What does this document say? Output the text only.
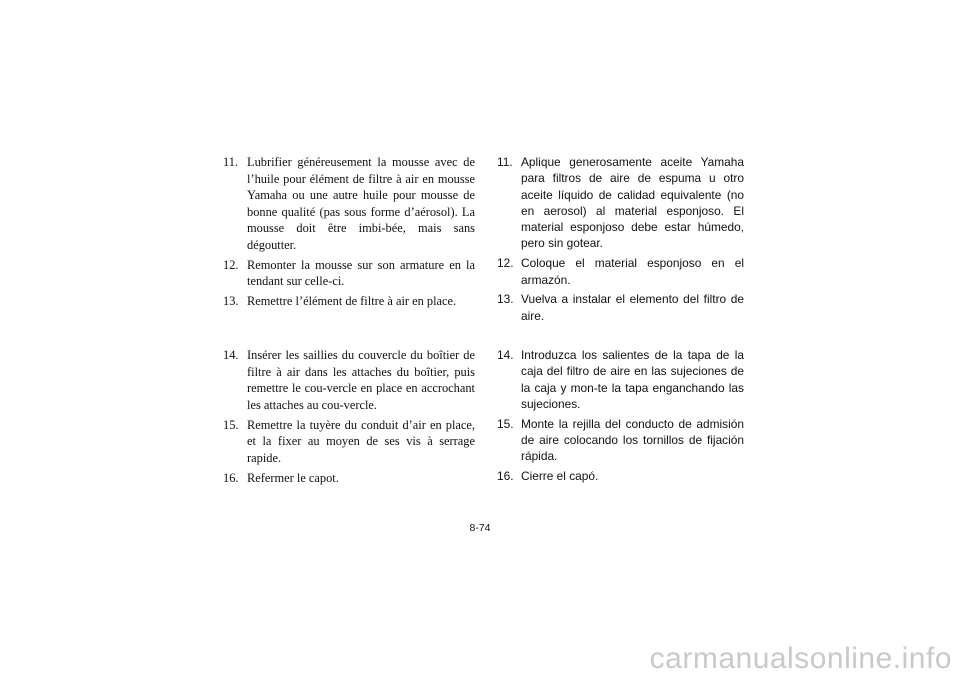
11. Lubrifier généreusement la mousse avec de l’huile pour élément de filtre à air en mousse Yamaha ou une autre huile pour mousse de bonne qualité (pas sous forme d’aérosol). La mousse doit être imbi-bée, mais sans dégoutter.
12. Remonter la mousse sur son armature en la tendant sur celle-ci.
13. Remettre l’élément de filtre à air en place.
11. Aplique generosamente aceite Yamaha para filtros de aire de espuma u otro aceite líquido de calidad equivalente (no en aerosol) al material esponjoso. El material esponjoso debe estar húmedo, pero sin gotear.
12. Coloque el material esponjoso en el armazón.
13. Vuelva a instalar el elemento del filtro de aire.
14. Insérer les saillies du couvercle du boîtier de filtre à air dans les attaches du boîtier, puis remettre le cou-vercle en place en accrochant les attaches au cou-vercle.
15. Remettre la tuyère du conduit d’air en place, et la fixer au moyen de ses vis à serrage rapide.
16. Refermer le capot.
14. Introduzca los salientes de la tapa de la caja del filtro de aire en las sujeciones de la caja y mon-te la tapa enganchando las sujeciones.
15. Monte la rejilla del conducto de admisión de aire colocando los tornillos de fijación rápida.
16. Cierre el capó.
8-74
carmanualsonline.info
